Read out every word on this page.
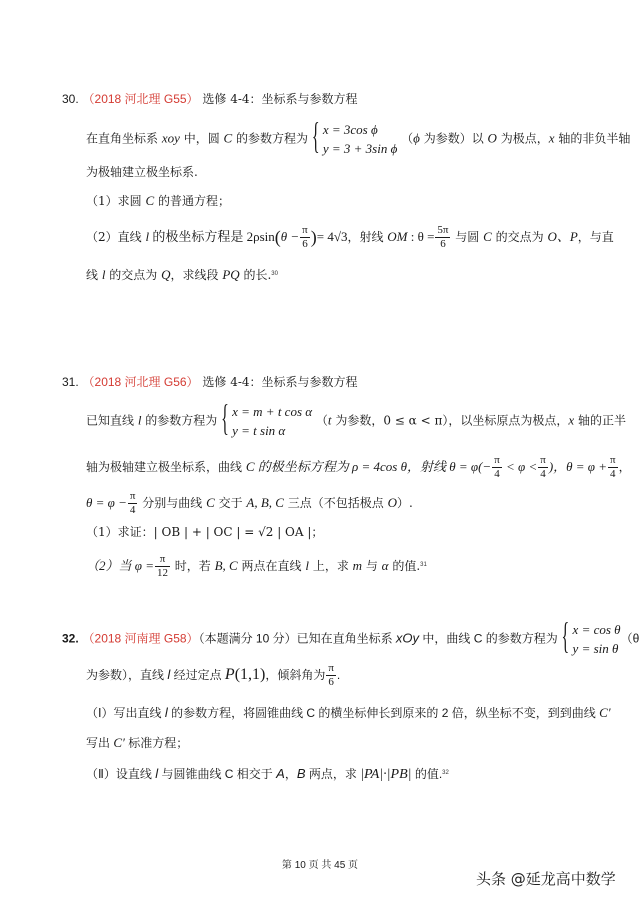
30. （2018 河北理 G55） 选修 4-4：坐标系与参数方程
在直角坐标系 xoy 中，圆 C 的参数方程为 { x = 3cos ϕ
y = 3 + 3sin ϕ
（ϕ 为参数）以 O 为极点，x 轴的非负半轴
为极轴建立极坐标系.
（1）求圆 C 的普通方程；
（2）直线 l 的极坐标方程是 $2\rho\sin(\theta - \frac{\pi}{6}$ )= 4√3，射线 OM : $\theta = \frac{5\pi}{6}$ 与圆 C 的交点为 O、P，与直
线 l 的交点为 Q，求线段 PQ 的长.$^{30}$
31. （2018 河北理 G56） 选修 4-4：坐标系与参数方程
已知直线 l 的参数方程为 { x = m + t cos α
y = t sin α
（t 为参数，0 ≤ α < π），以坐标原点为极点，x 轴的正半
轴为极轴建立极坐标系，曲线 C 的极坐标方程为 ρ = 4cos θ，射线 $\theta = \varphi(- \frac{\pi}{4} < \varphi < \frac{\pi}{4}$ )，$\theta = \varphi + \frac{\pi}{4}$ ，
$\theta = \varphi - \frac{\pi}{4}$ 分别与曲线 C 交于 A, B, C 三点（不包括极点 O）.
（1）求证：| OB | + | OC | = √2 | OA |；
（2）当 $\varphi = \frac{\pi}{12}$ 时，若 B, C 两点在直线 l 上，求 m 与 α 的值.$^{31}$
32. （2018 河南理 G58）（本题满分 10 分）已知在直角坐标系 xOy 中，曲线 C 的参数方程为 { x = cos θ
y = sin θ
（θ
为参数），直线 l 经过定点 P(1,1)，倾斜角为 $\frac{\pi}{6}$ .
（Ⅰ）写出直线 l 的参数方程，将圆锥曲线 C 的横坐标伸长到原来的 2 倍，纵坐标不变，到到曲线 C′
写出 C′ 标准方程；
（Ⅱ）设直线 l 与圆锥曲线 C 相交于 A，B 两点，求 |PA|·|PB| 的值.$^{32}$
第 10 页 共 45 页
头条 @延龙高中数学
